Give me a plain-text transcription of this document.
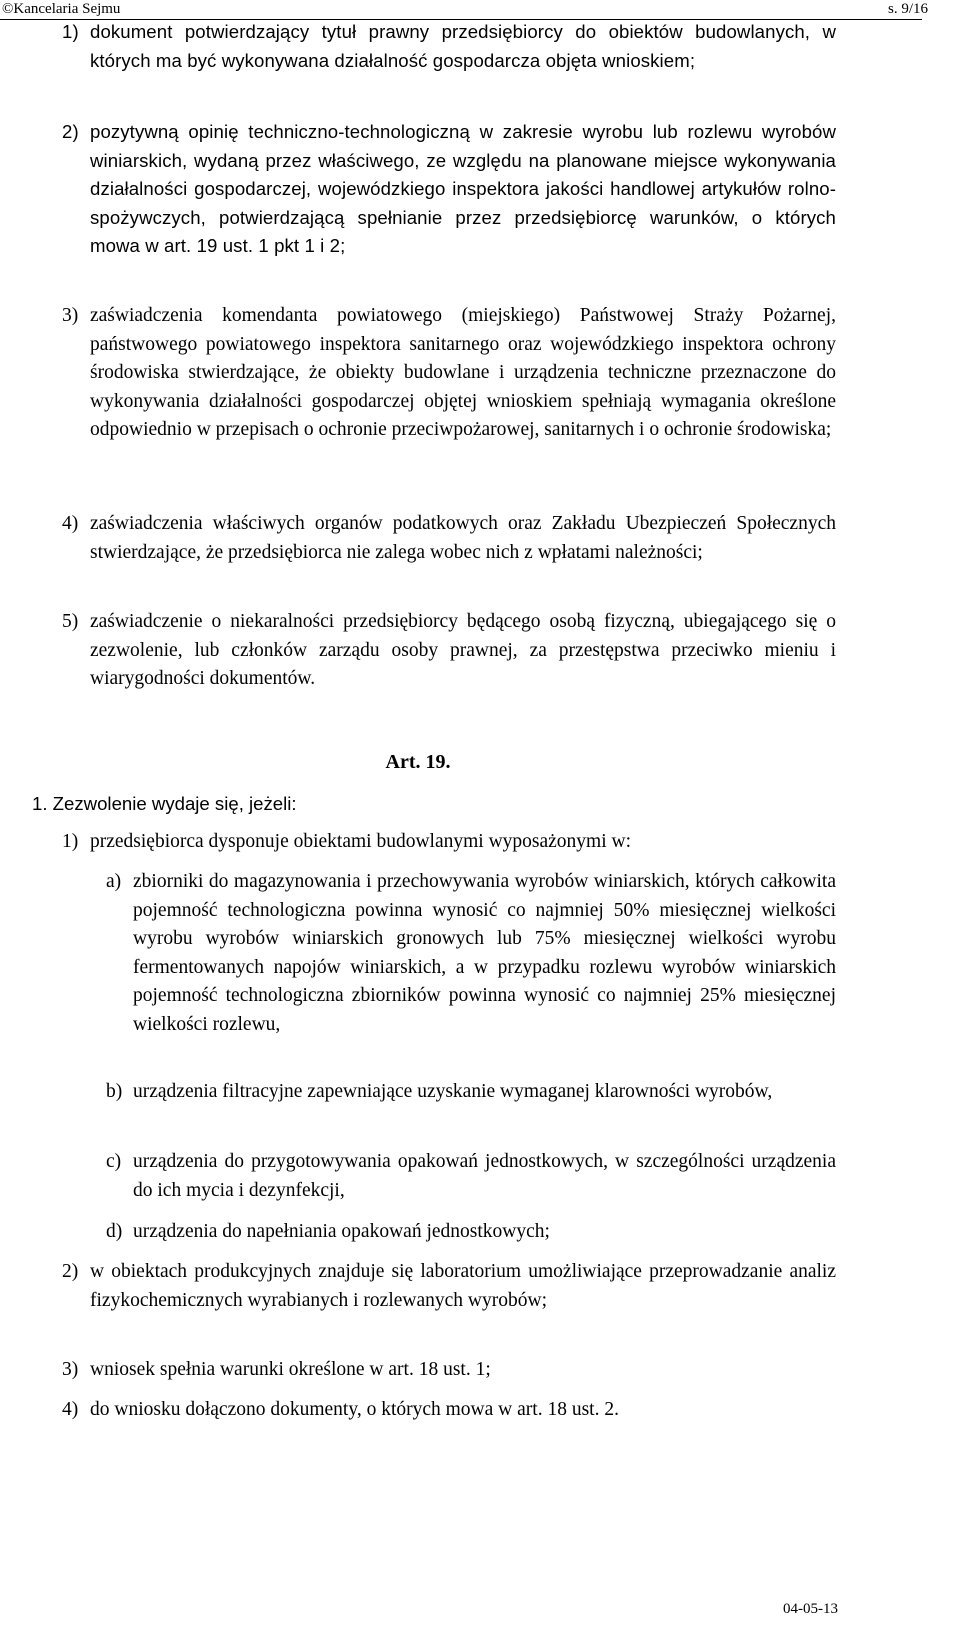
©Kancelaria Sejmu	s. 9/16
1) dokument potwierdzający tytuł prawny przedsiębiorcy do obiektów budowlanych, w których ma być wykonywana działalność gospodarcza objęta wnioskiem;
2) pozytywną opinię techniczno-technologiczną w zakresie wyrobu lub rozlewu wyrobów winiarskich, wydaną przez właściwego, ze względu na planowane miejsce wykonywania działalności gospodarczej, wojewódzkiego inspektora jakości handlowej artykułów rolno-spożywczych, potwierdzającą spełnianie przez przedsiębiorcę warunków, o których mowa w art. 19 ust. 1 pkt 1 i 2;
3) zaświadczenia komendanta powiatowego (miejskiego) Państwowej Straży Pożarnej, państwowego powiatowego inspektora sanitarnego oraz wojewódzkiego inspektora ochrony środowiska stwierdzające, że obiekty budowlane i urządzenia techniczne przeznaczone do wykonywania działalności gospodarczej objętej wnioskiem spełniają wymagania określone odpowiednio w przepisach o ochronie przeciwpożarowej, sanitarnych i o ochronie środowiska;
4) zaświadczenia właściwych organów podatkowych oraz Zakładu Ubezpieczeń Społecznych stwierdzające, że przedsiębiorca nie zalega wobec nich z wpłatami należności;
5) zaświadczenie o niekaralności przedsiębiorcy będącego osobą fizyczną, ubiegającego się o zezwolenie, lub członków zarządu osoby prawnej, za przestępstwa przeciwko mieniu i wiarygodności dokumentów.
Art. 19.
1. Zezwolenie wydaje się, jeżeli:
1) przedsiębiorca dysponuje obiektami budowlanymi wyposażonymi w:
a) zbiorniki do magazynowania i przechowywania wyrobów winiarskich, których całkowita pojemność technologiczna powinna wynosić co najmniej 50% miesięcznej wielkości wyrobu wyrobów winiarskich gronowych lub 75% miesięcznej wielkości wyrobu fermentowanych napojów winiarskich, a w przypadku rozlewu wyrobów winiarskich pojemność technologiczna zbiorników powinna wynosić co najmniej 25% miesięcznej wielkości rozlewu,
b) urządzenia filtracyjne zapewniające uzyskanie wymaganej klarowności wyrobów,
c) urządzenia do przygotowywania opakowań jednostkowych, w szczególności urządzenia do ich mycia i dezynfekcji,
d) urządzenia do napełniania opakowań jednostkowych;
2) w obiektach produkcyjnych znajduje się laboratorium umożliwiające przeprowadzanie analiz fizykochemicznych wyrabianych i rozlewanych wyrobów;
3) wniosek spełnia warunki określone w art. 18 ust. 1;
4) do wniosku dołączono dokumenty, o których mowa w art. 18 ust. 2.
04-05-13
